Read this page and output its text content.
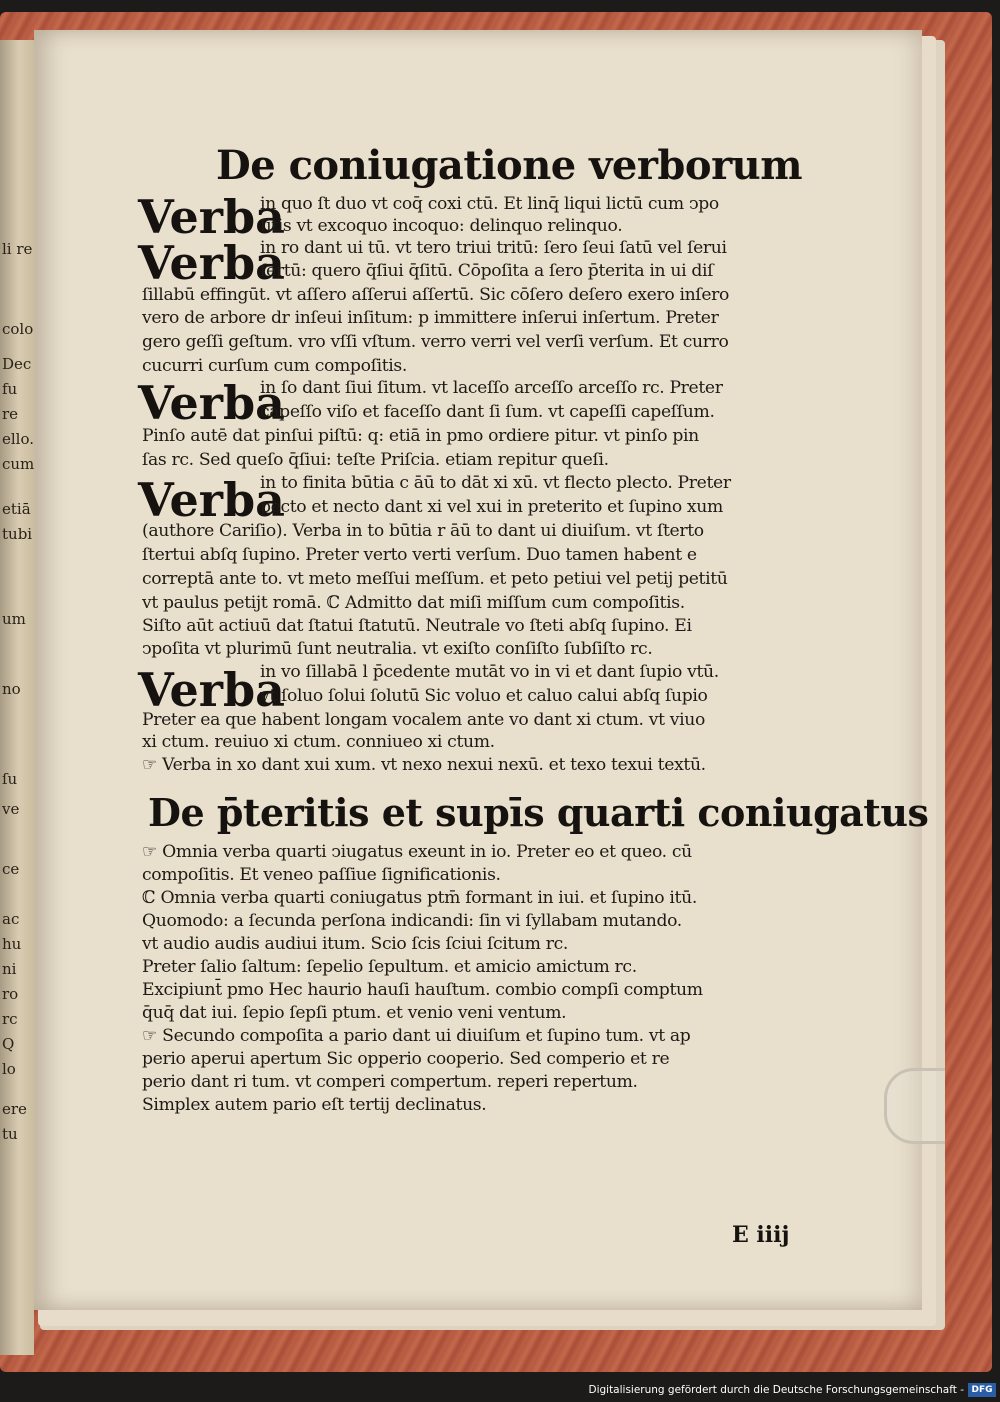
li re
colo
Dec
fu
re
ello.
cum
etiā
tubi
um
no
ſu
ve
ce
ac
hu
ni
ro
rc
Q
lo
ere
tu
De coniugatione verborum
Verba
in quo ſt duo vt coq̄ coxi ctū. Et linq̄ liqui lictū cum ↄpo
ſitis vt excoquo incoquo: delinquo relinquo.
Verba
in ro dant ui tū. vt tero triui tritū: ſero ſeui ſatū vel ſerui
ſertū: quero q̄ſiui q̄ſitū. Cōpoſita a ſero p̄terita in ui diſ
ſillabū effingūt. vt aſſero aſſerui aſſertū. Sic cōſero deſero exero inſero
vero de arbore dr inſeui inſitum: p immittere inſerui inſertum. Preter
gero geſſi geſtum. vro vſſi vſtum. verro verri vel verſi verſum. Et curro
cucurri curſum cum compoſitis.
Verba
in ſo dant ſiui ſitum. vt laceſſo arceſſo arceſſo rc. Preter
capeſſo viſo et faceſſo dant ſi ſum. vt capeſſi capeſſum.
Pinſo autē dat pinſui piſtū: q: etiā in pmo ordiere pitur. vt pinſo pin
ſas rc. Sed queſo q̄ſiui: teſte Priſcia. etiam repitur queſi.
Verba
in to finita būtia c āū to dāt xi xū. vt flecto plecto. Preter
pecto et necto dant xi vel xui in preterito et ſupino xum
(authore Cariſio). Verba in to būtia r āū to dant ui diuiſum. vt ſterto
ſtertui abſq ſupino. Preter verto verti verſum. Duo tamen habent e
correptā ante to. vt meto meſſui meſſum. et peto petiui vel petij petitū
vt paulus petijt romā. ℂ Admitto dat miſi miſſum cum compoſitis.
Siſto aūt actiuū dat ſtatui ſtatutū. Neutrale vo ſteti abſq ſupino. Ei
ↄpoſita vt plurimū ſunt neutralia. vt exiſto conſiſto ſubſiſto rc.
Verba
in vo ſillabā l p̄cedente mutāt vo in vi et dant ſupio vtū.
vt ſoluo ſolui ſolutū Sic voluo et caluo calui abſq ſupio
Preter ea que habent longam vocalem ante vo dant xi ctum. vt viuo
xi ctum. reuiuo xi ctum. conniueo xi ctum.
☞ Verba in xo dant xui xum. vt nexo nexui nexū. et texo texui textū.
De p̄teritis et supīs quarti coniugatus
☞ Omnia verba quarti ↄiugatus exeunt in io. Preter eo et queo. cū
compoſitis. Et veneo paſſiue ſignificationis.
ℂ Omnia verba quarti coniugatus ptm̄ formant in iui. et ſupino itū.
Quomodo: a ſecunda perſona indicandi: ſin vi ſyllabam mutando.
vt audio audis audiui itum. Scio ſcis ſciui ſcitum rc.
Preter ſalio ſaltum: ſepelio ſepultum. et amicio amictum rc.
Excipiunt̄ pmo Hec haurio hauſi hauſtum. combio compſi comptum
q̄uq̄ dat iui. ſepio ſepſi ptum. et venio veni ventum.
☞ Secundo compoſita a pario dant ui diuiſum et ſupino tum. vt ap
perio aperui apertum Sic opperio cooperio. Sed comperio et re
perio dant ri tum. vt comperi compertum. reperi repertum.
Simplex autem pario eſt tertij declinatus.
E iiij
Digitalisierung gefördert durch die Deutsche Forschungsgemeinschaft - DFG
